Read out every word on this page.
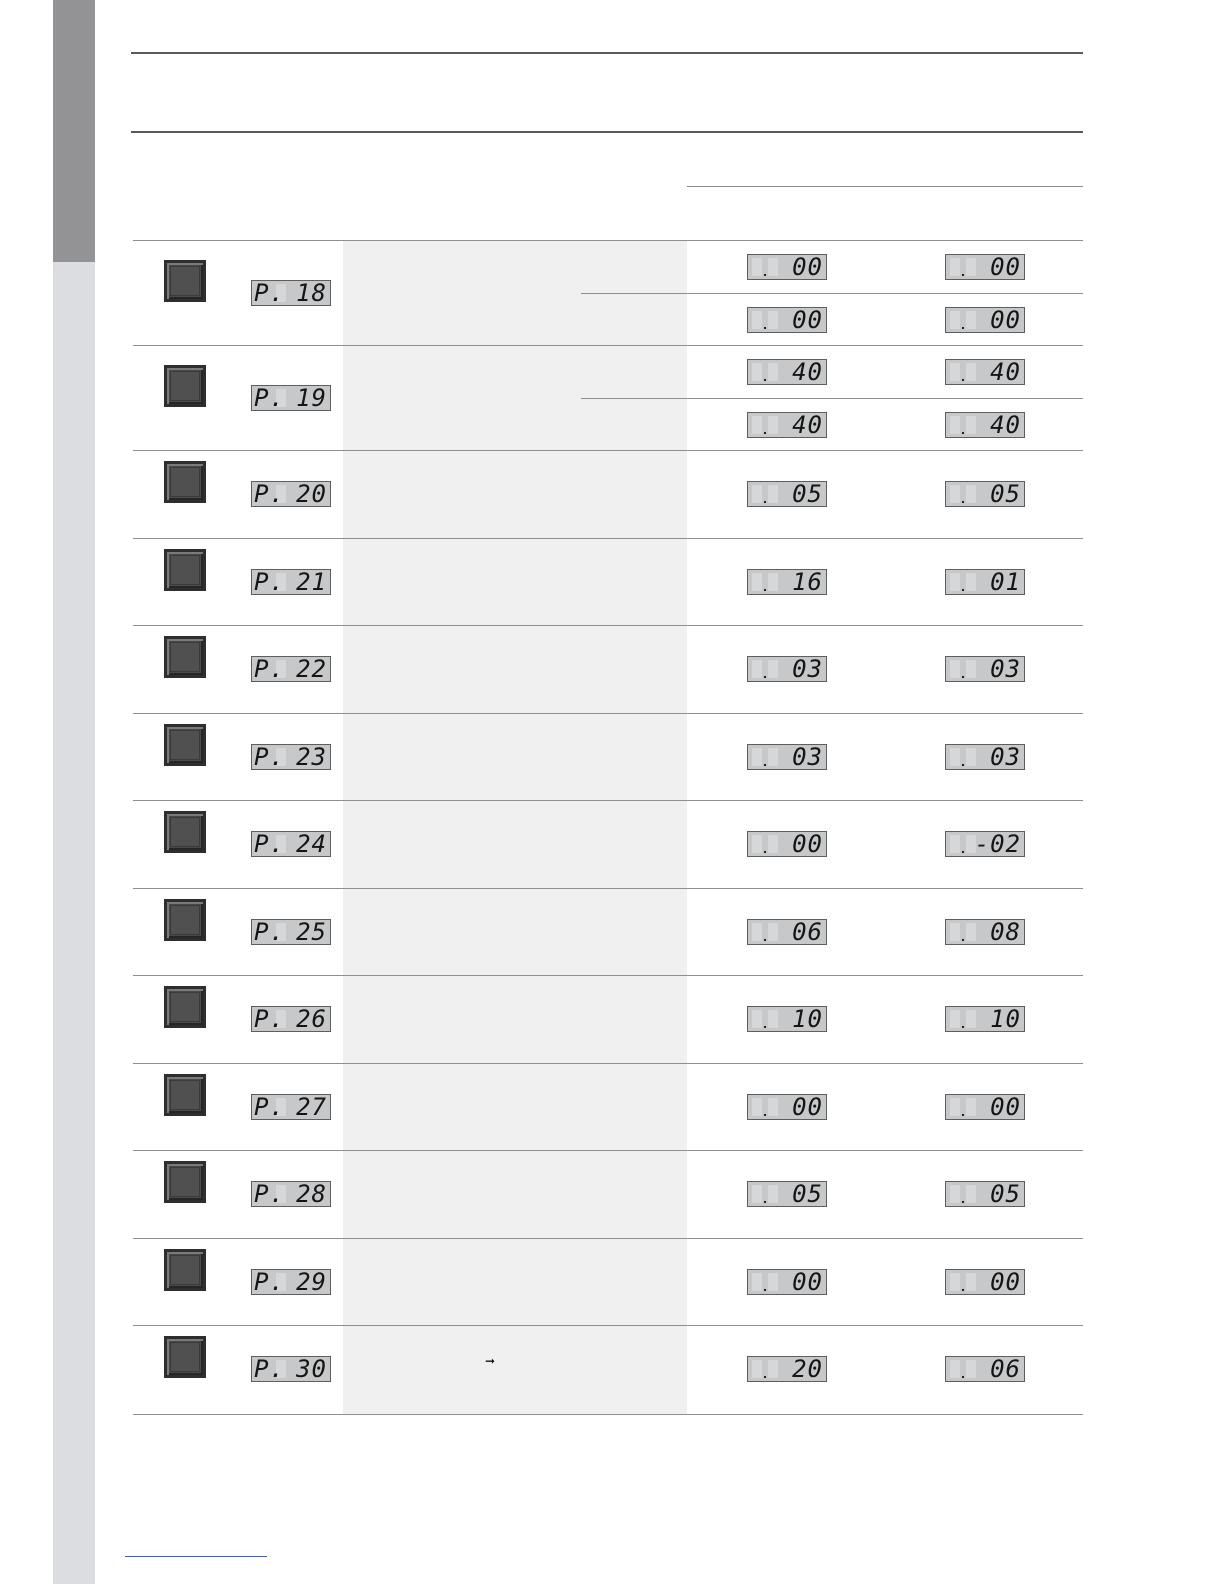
P. 18
00	00
00	00
P. 19
40	40
40	40
P. 20	05	05
P. 21	16	01
P. 22	03	03
P. 23	03	03
P. 24	00	-02
P. 25	06	08
P. 26	10	10
P. 27	00	00
P. 28	05	05
P. 29	00	00
P. 30	20	06
➞
